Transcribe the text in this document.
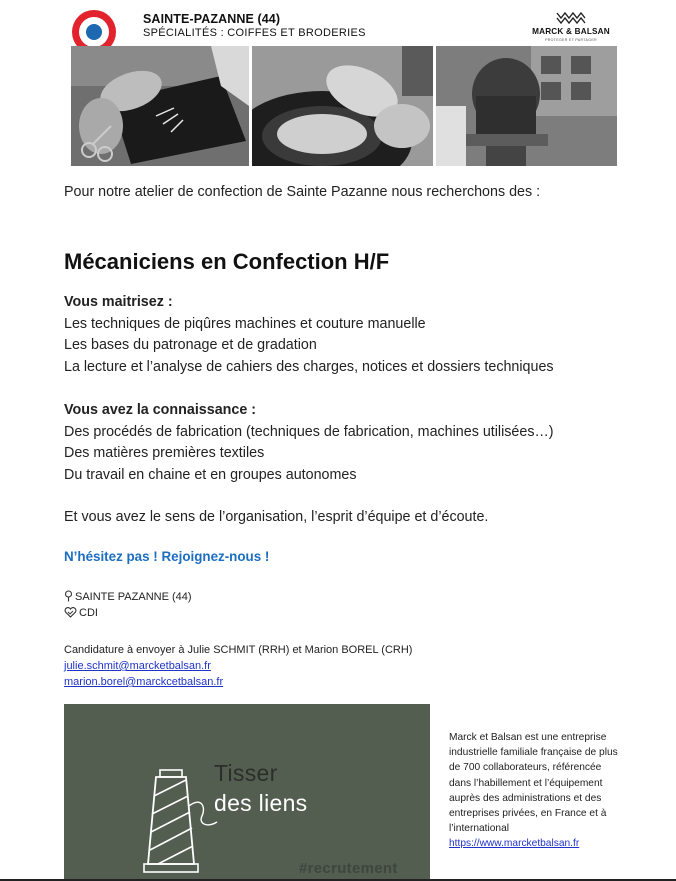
SAINTE-PAZANNE (44)
SPÉCIALITÉS : COIFFES ET BRODERIES	MARCK & BALSAN
PROTEGER ET PARTAGER
Pour notre atelier de confection de Sainte Pazanne nous recherchons des :
Mécaniciens en Confection H/F
Vous maitrisez :
Les techniques de piqûres machines et couture manuelle
Les bases du patronage et de gradation
La lecture et l’analyse de cahiers des charges, notices et dossiers techniques
Vous avez la connaissance :
Des procédés de fabrication (techniques de fabrication, machines utilisées…)
Des matières premières textiles
Du travail en chaine et en groupes autonomes
Et vous avez le sens de l’organisation, l’esprit d’équipe et d’écoute.
N’hésitez pas ! Rejoignez-nous !
SAINTE PAZANNE (44)
CDI
Candidature à envoyer à Julie SCHMIT (RRH) et Marion BOREL (CRH)
julie.schmit@marcketbalsan.fr
marion.borel@marckcetbalsan.fr
Tisser
des liens
#recrutement
Marck et Balsan est une entreprise industrielle familiale française de plus de 700 collaborateurs, référencée dans l’habillement et l’équipement auprès des administrations et des entreprises privées, en France et à l’international
https://www.marcketbalsan.fr
